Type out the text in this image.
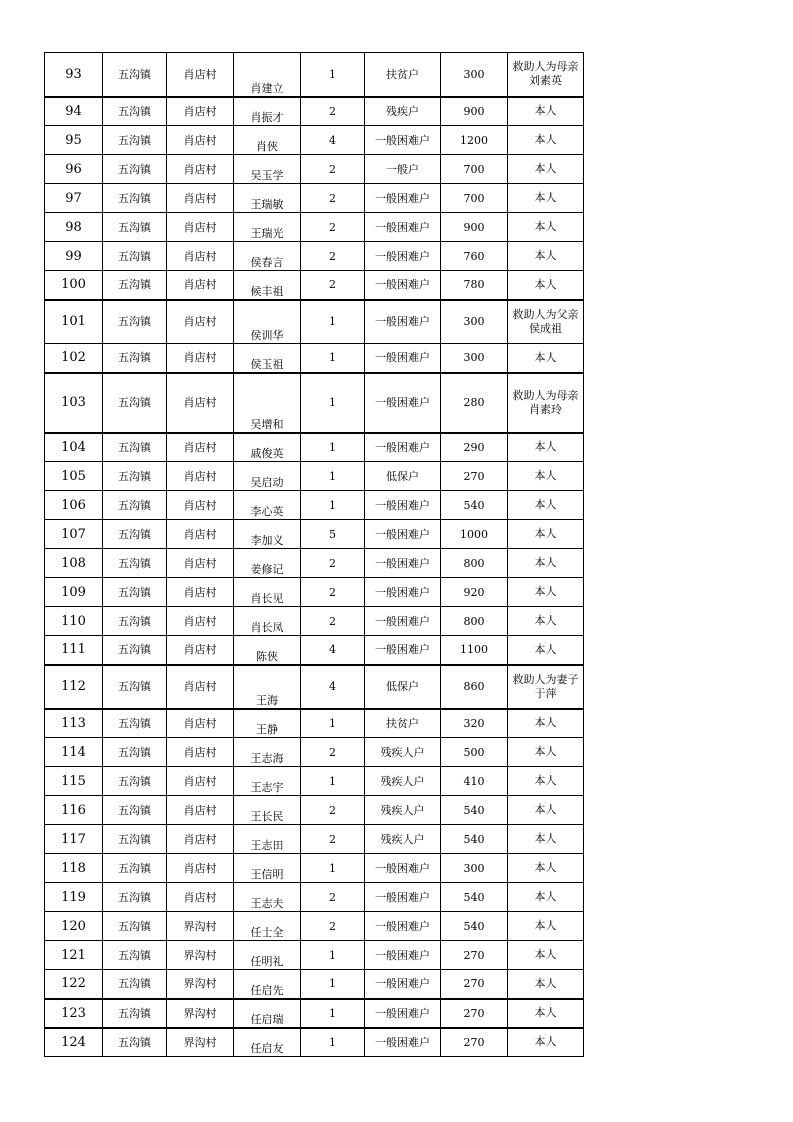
93	五沟镇	肖店村	肖建立	1	扶贫户	300	救助人为母亲刘素英
94	五沟镇	肖店村	肖振才	2	残疾户	900	本人
95	五沟镇	肖店村	肖俠	4	一般困难户	1200	本人
96	五沟镇	肖店村	吴玉学	2	一般户	700	本人
97	五沟镇	肖店村	王瑞敏	2	一般困难户	700	本人
98	五沟镇	肖店村	王瑞光	2	一般困难户	900	本人
99	五沟镇	肖店村	侯春言	2	一般困难户	760	本人
100	五沟镇	肖店村	候丰祖	2	一般困难户	780	本人
101	五沟镇	肖店村	侯训华	1	一般困难户	300	救助人为父亲侯成祖
102	五沟镇	肖店村	侯玉祖	1	一般困难户	300	本人
103	五沟镇	肖店村	吴增和	1	一般困难户	280	救助人为母亲肖素玲
104	五沟镇	肖店村	戚俊英	1	一般困难户	290	本人
105	五沟镇	肖店村	吴启动	1	低保户	270	本人
106	五沟镇	肖店村	李心英	1	一般困难户	540	本人
107	五沟镇	肖店村	李加义	5	一般困难户	1000	本人
108	五沟镇	肖店村	姜修记	2	一般困难户	800	本人
109	五沟镇	肖店村	肖长见	2	一般困难户	920	本人
110	五沟镇	肖店村	肖长凤	2	一般困难户	800	本人
111	五沟镇	肖店村	陈俠	4	一般困难户	1100	本人
112	五沟镇	肖店村	王海	4	低保户	860	救助人为妻子于萍
113	五沟镇	肖店村	王静	1	扶贫户	320	本人
114	五沟镇	肖店村	王志海	2	残疾人户	500	本人
115	五沟镇	肖店村	王志宇	1	残疾人户	410	本人
116	五沟镇	肖店村	王长民	2	残疾人户	540	本人
117	五沟镇	肖店村	王志田	2	残疾人户	540	本人
118	五沟镇	肖店村	王信明	1	一般困难户	300	本人
119	五沟镇	肖店村	王志夫	2	一般困难户	540	本人
120	五沟镇	界沟村	任士全	2	一般困难户	540	本人
121	五沟镇	界沟村	任明礼	1	一般困难户	270	本人
122	五沟镇	界沟村	任启先	1	一般困难户	270	本人
123	五沟镇	界沟村	任启瑞	1	一般困难户	270	本人
124	五沟镇	界沟村	任启友	1	一般困难户	270	本人
